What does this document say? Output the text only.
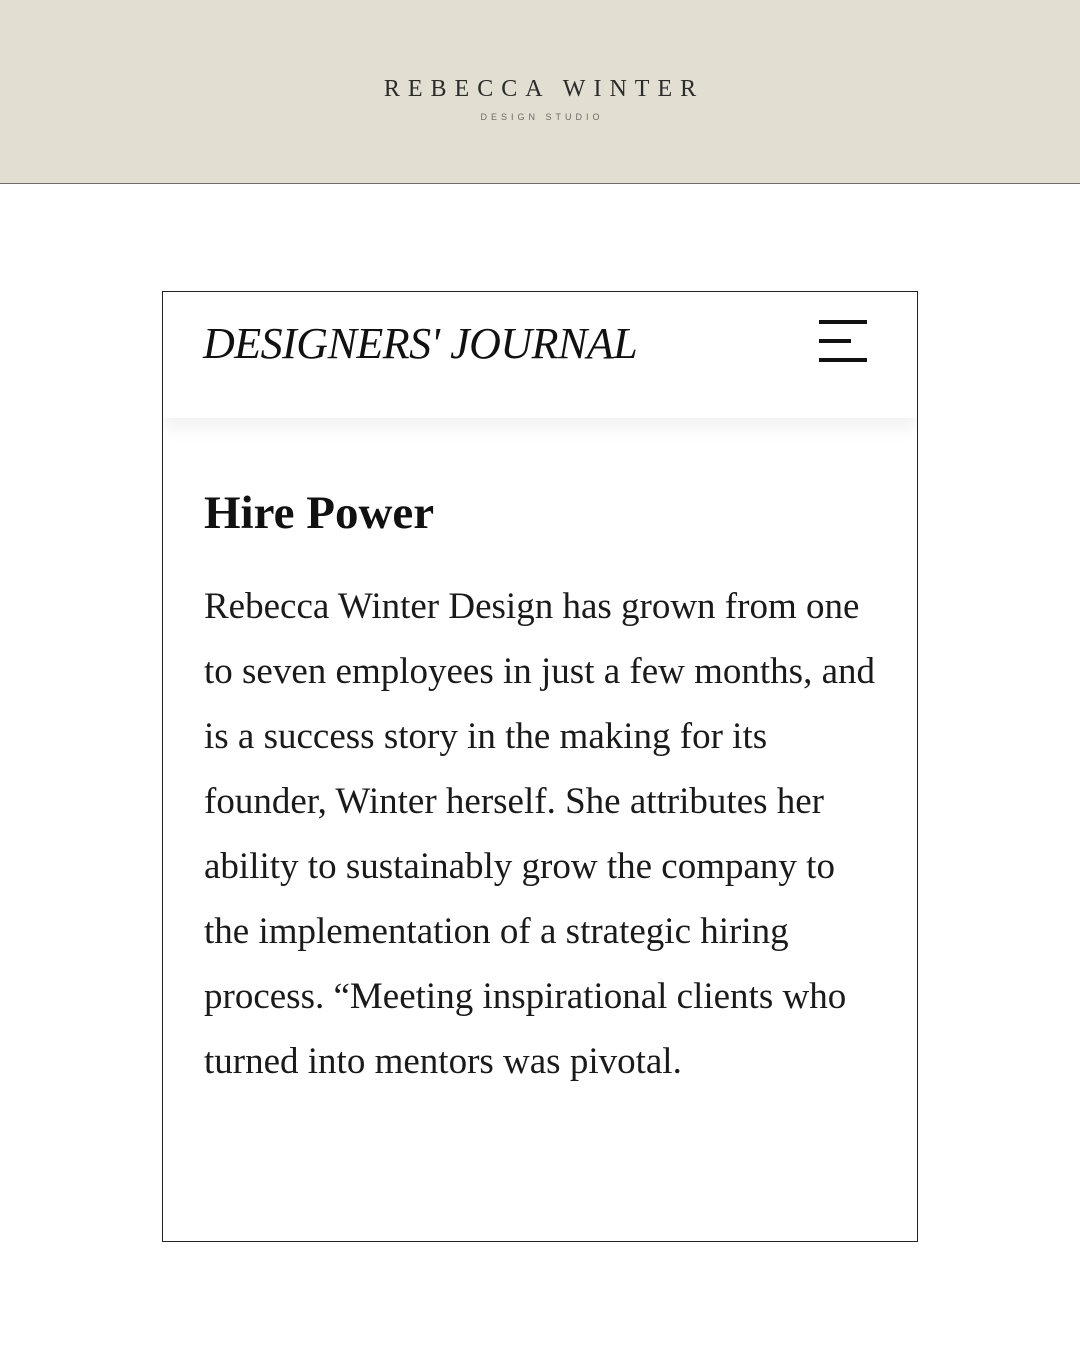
REBECCA WINTER
DESIGN STUDIO
DESIGNERS' JOURNAL
Hire Power

Rebecca Winter Design has grown from one to seven employees in just a few months, and is a success story in the making for its founder, Winter herself. She attributes her ability to sustainably grow the company to the implementation of a strategic hiring process. “Meeting inspirational clients who turned into mentors was pivotal.
